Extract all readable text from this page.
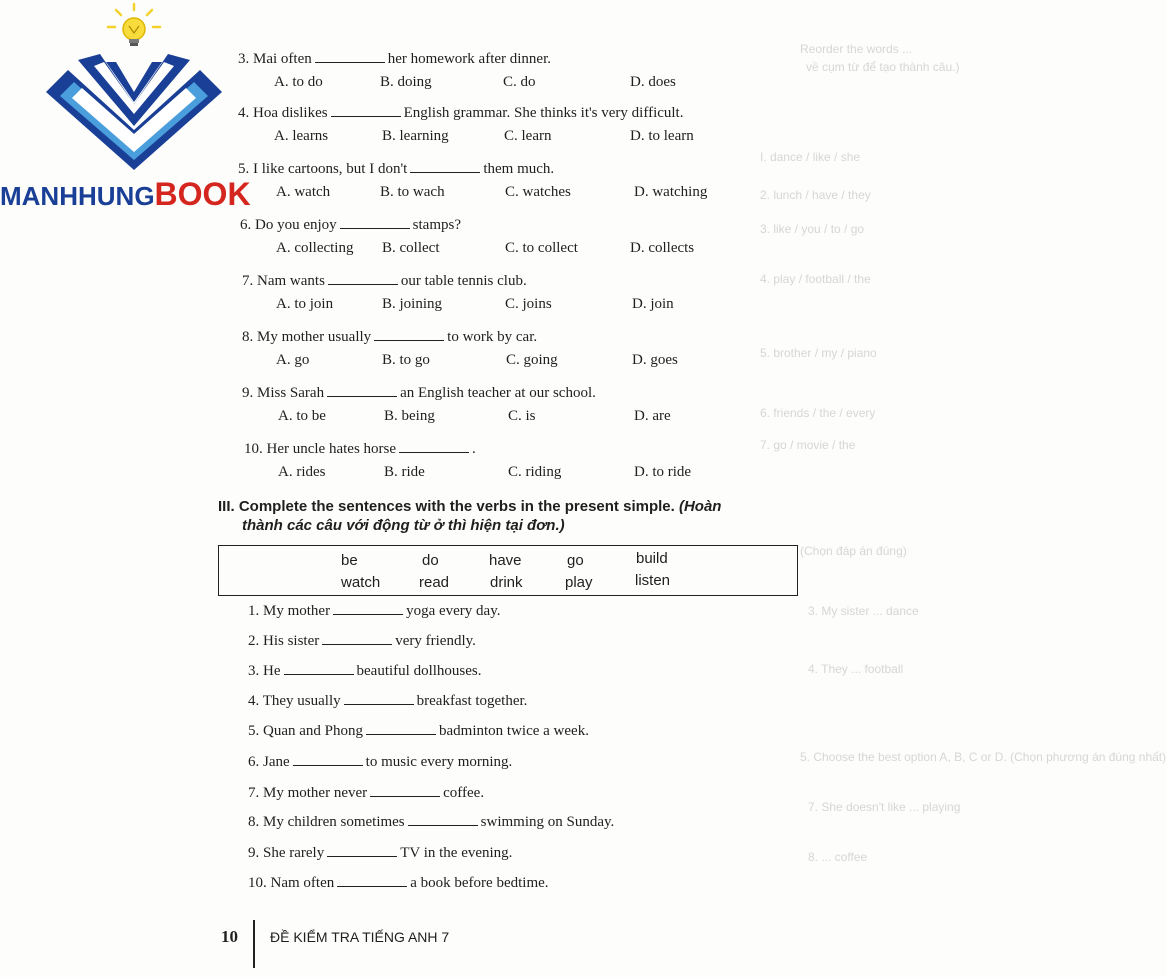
Reorder the words ...
về cụm từ để tạo thành câu.)
I. dance / like / she
2. lunch / have / they
3. like / you / to / go
4. play / football / the
5. brother / my / piano
6. friends / the / every
7. go / movie / the
(Chọn đáp án đúng)
3. My sister ... dance
4. They ... football
5. Choose the best option A, B, C or D. (Chọn phương án đúng nhất)
7. She doesn't like ... playing
8. ... coffee
MANHHUNGBOOK
3. Mai often	her homework after dinner.
A. to do	B. doing	C. do	D. does
4. Hoa dislikes	English grammar. She thinks it's very difficult.
A. learns	B. learning	C. learn	D. to learn
5. I like cartoons, but I don't	them much.
A. watch	B. to wach	C. watches	D. watching
6. Do you enjoy	stamps?
A. collecting B. collect	C. to collect	D. collects
7. Nam wants	our table tennis club.
A. to join	B. joining	C. joins	D. join
8. My mother usually	to work by car.
A. go	B. to go	C. going	D. goes
9. Miss Sarah	an English teacher at our school.
A. to be	B. being	C. is	D. are
10. Her uncle hates horse	.
A. rides	B. ride	C. riding	D. to ride
III. Complete the sentences with the verbs in the present simple. (Hoàn
thành các câu với động từ ở thì hiện tại đơn.)
be	do	have	go	build
watch	read	drink	play	listen
1. My mother	yoga every day.
2. His sister	very friendly.
3. He	beautiful dollhouses.
4. They usually	breakfast together.
5. Quan and Phong	badminton twice a week.
6. Jane	to music every morning.
7. My mother never	coffee.
8. My children sometimes	swimming on Sunday.
9. She rarely	TV in the evening.
10. Nam often	a book before bedtime.
10 ĐỀ KIỂM TRA TIẾNG ANH 7
